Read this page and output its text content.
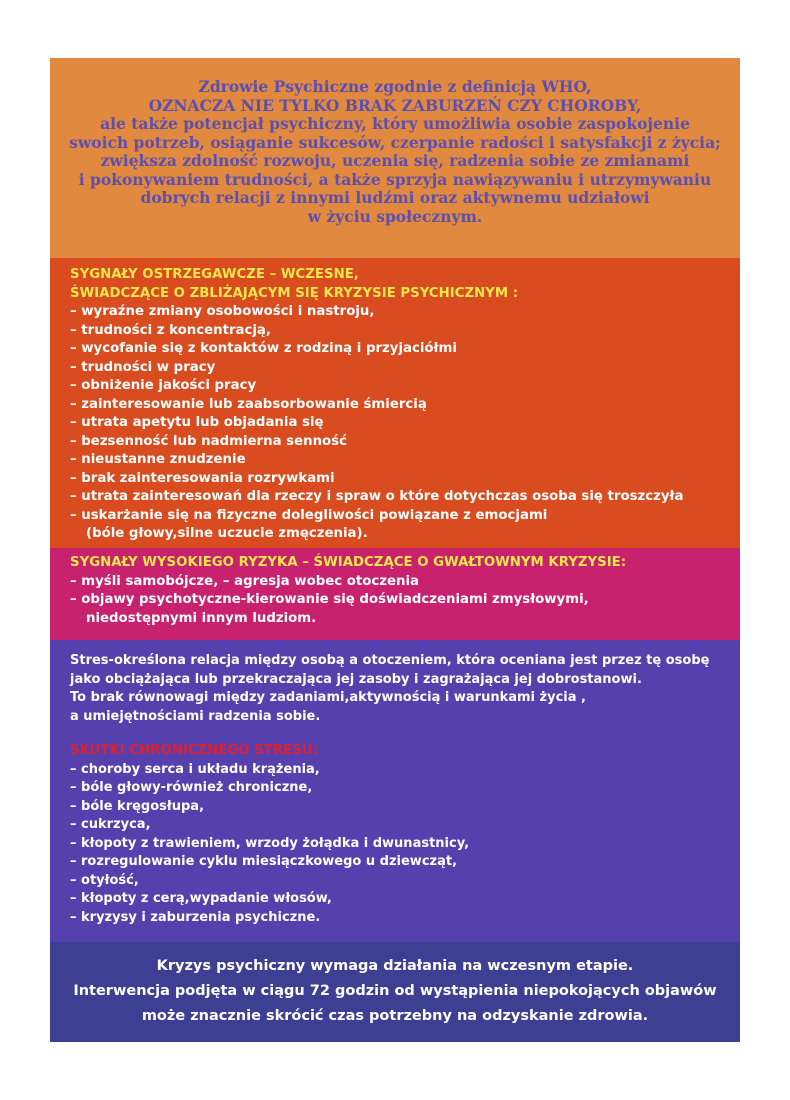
Zdrowie Psychiczne zgodnie z definicją WHO,
OZNACZA NIE TYLKO BRAK ZABURZEŃ CZY CHOROBY,
ale także potencjał psychiczny, który umożliwia osobie zaspokojenie
swoich potrzeb, osiąganie sukcesów, czerpanie radości i satysfakcji z życia;
zwiększa zdolność rozwoju, uczenia się, radzenia sobie ze zmianami
i pokonywaniem trudności, a także sprzyja nawiązywaniu i utrzymywaniu
dobrych relacji z innymi ludźmi oraz aktywnemu udziałowi
w życiu społecznym.
SYGNAŁY OSTRZEGAWCZE – WCZESNE,
ŚWIADCZĄCE O ZBLIŻAJĄCYM SIĘ KRYZYSIE PSYCHICZNYM :
– wyraźne zmiany osobowości i nastroju,
– trudności z koncentracją,
– wycofanie się z kontaktów z rodziną i przyjaciółmi
– trudności w pracy
– obniżenie jakości pracy
– zainteresowanie lub zaabsorbowanie śmiercią
– utrata apetytu lub objadania się
– bezsenność lub nadmierna senność
– nieustanne znudzenie
– brak zainteresowania rozrywkami
– utrata zainteresowań dla rzeczy i spraw o które dotychczas osoba się troszczyła
– uskarżanie się na fizyczne dolegliwości powiązane z emocjami
(bóle głowy,silne uczucie zmęczenia).
SYGNAŁY WYSOKIEGO RYZYKA – ŚWIADCZĄCE O GWAŁTOWNYM KRYZYSIE:
– myśli samobójcze, – agresja wobec otoczenia
– objawy psychotyczne-kierowanie się doświadczeniami zmysłowymi,
niedostępnymi innym ludziom.
Stres-określona relacja między osobą a otoczeniem, która oceniana jest przez tę osobę
jako obciążająca lub przekraczająca jej zasoby i zagrażająca jej dobrostanowi.
To brak równowagi między zadaniami,aktywnością i warunkami życia ,
a umiejętnościami radzenia sobie.
SKUTKI CHRONICZNEGO STRESU:
– choroby serca i układu krążenia,
– bóle głowy-również chroniczne,
– bóle kręgosłupa,
– cukrzyca,
– kłopoty z trawieniem, wrzody żołądka i dwunastnicy,
– rozregulowanie cyklu miesiączkowego u dziewcząt,
– otyłość,
– kłopoty z cerą,wypadanie włosów,
– kryzysy i zaburzenia psychiczne.
Kryzys psychiczny wymaga działania na wczesnym etapie.
Interwencja podjęta w ciągu 72 godzin od wystąpienia niepokojących objawów
może znacznie skrócić czas potrzebny na odzyskanie zdrowia.
